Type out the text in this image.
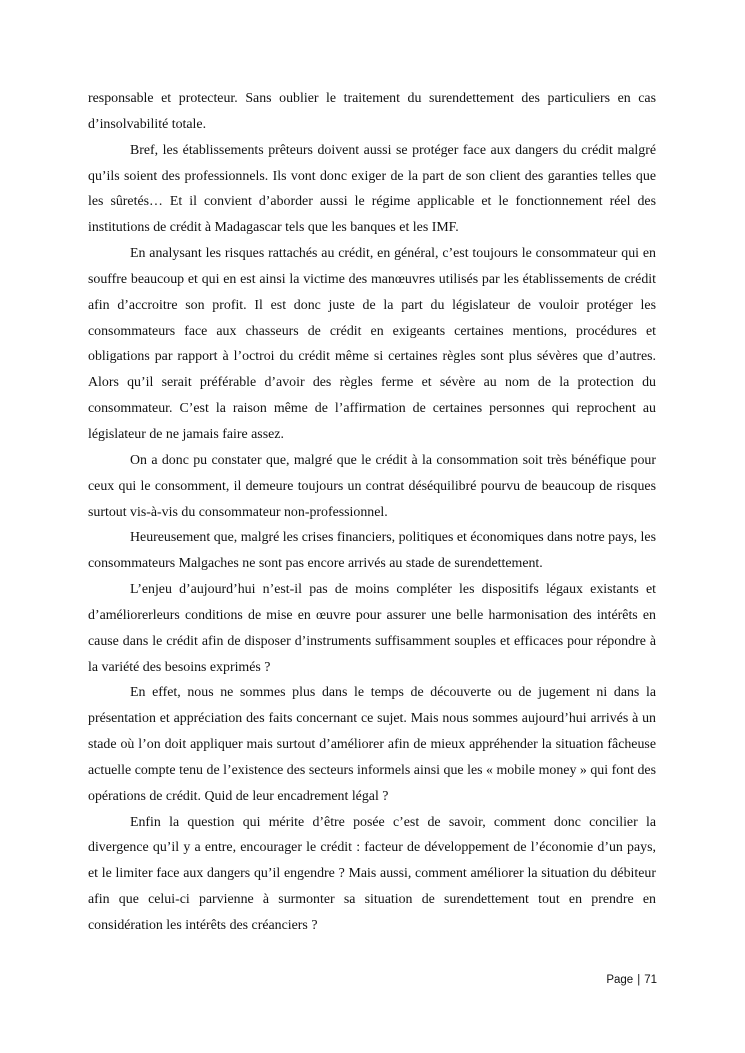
responsable et protecteur. Sans oublier le traitement du surendettement des particuliers en cas d’insolvabilité totale.

Bref, les établissements prêteurs doivent aussi se protéger face aux dangers du crédit malgré qu’ils soient des professionnels. Ils vont donc exiger de la part de son client des garanties telles que les sûretés… Et il convient d’aborder aussi le régime applicable et le fonctionnement réel des institutions de crédit à Madagascar tels que les banques et les IMF.

En analysant les risques rattachés au crédit, en général, c’est toujours le consommateur qui en souffre beaucoup et qui en est ainsi la victime des manœuvres utilisés par les établissements de crédit afin d’accroitre son profit. Il est donc juste de la part du législateur de vouloir protéger les consommateurs face aux chasseurs de crédit en exigeants certaines mentions, procédures et obligations par rapport à l’octroi du crédit même si certaines règles sont plus sévères que d’autres. Alors qu’il serait préférable d’avoir des règles ferme et sévère au nom de la protection du consommateur. C’est la raison même de l’affirmation de certaines personnes qui reprochent au législateur de ne jamais faire assez.

On a donc pu constater que, malgré que le crédit à la consommation soit très bénéfique pour ceux qui le consomment, il demeure toujours un contrat déséquilibré pourvu de beaucoup de risques surtout vis-à-vis du consommateur non-professionnel.

Heureusement que, malgré les crises financiers, politiques et économiques dans notre pays, les consommateurs Malgaches ne sont pas encore arrivés au stade de surendettement.

L’enjeu d’aujourd’hui n’est-il pas de moins compléter les dispositifs légaux existants et d’améliorerleurs conditions de mise en œuvre pour assurer une belle harmonisation des intérêts en cause dans le crédit afin de disposer d’instruments suffisamment souples et efficaces pour répondre à la variété des besoins exprimés ?

En effet, nous ne sommes plus dans le temps de découverte ou de jugement ni dans la présentation et appréciation des faits concernant ce sujet. Mais nous sommes aujourd’hui arrivés à un stade où l’on doit appliquer mais surtout d’améliorer afin de mieux appréhender la situation fâcheuse actuelle compte tenu de l’existence des secteurs informels ainsi que les « mobile money » qui font des opérations de crédit. Quid de leur encadrement légal ?

Enfin la question qui mérite d’être posée c’est de savoir, comment donc concilier la divergence qu’il y a entre, encourager le crédit : facteur de développement de l’économie d’un pays, et le limiter face aux dangers qu’il engendre ? Mais aussi, comment améliorer la situation du débiteur afin que celui-ci parvienne à surmonter sa situation de surendettement tout en prendre en considération les intérêts des créanciers ?

Page | 71
